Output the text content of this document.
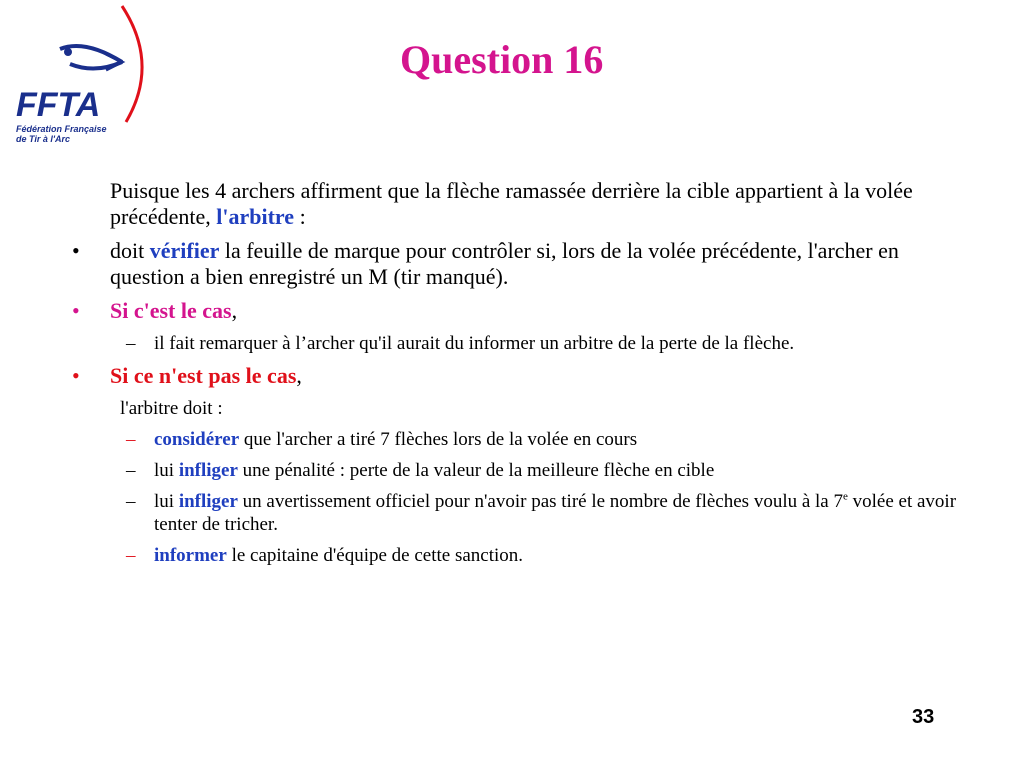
FFTA
Fédération Française
de Tir à l'Arc
Question 16
Puisque les 4 archers affirment que la flèche ramassée derrière la cible appartient à la volée précédente, l'arbitre :
• doit vérifier la feuille de marque pour contrôler si, lors de la volée précédente, l'archer en question a bien enregistré un M (tir manqué).
• Si c'est le cas,
– il fait remarquer à l’archer qu'il aurait du informer un arbitre de la perte de la flèche.
• Si ce n'est pas le cas,
l'arbitre doit :
– considérer que l'archer a tiré 7 flèches lors de la volée en cours
– lui infliger une pénalité : perte de la valeur de la meilleure flèche en cible
– lui infliger un avertissement officiel pour n'avoir pas tiré le nombre de flèches voulu à la 7e volée et avoir tenter de tricher.
– informer le capitaine d'équipe de cette sanction.
33
